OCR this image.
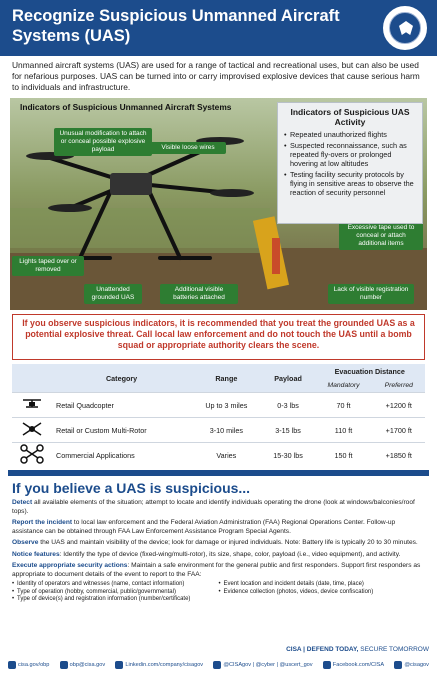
Recognize Suspicious Unmanned Aircraft Systems (UAS)

Unmanned aircraft systems (UAS) are used for a range of tactical and recreational uses, but can also be used for nefarious purposes. UAS can be turned into or carry improvised explosive devices that cause serious harm to individuals and infrastructure.

Indicators of Suspicious Unmanned Aircraft Systems
Unusual modification to attach or conceal possible explosive payload	Visible loose wires
Excessive tape used to conceal or attach additional items
Lights taped over or removed
Unattended grounded UAS
Additional visible batteries attached
Lack of visible registration number
Indicators of Suspicious UAS Activity
• Repeated unauthorized flights
• Suspected reconnaissance, such as repeated fly-overs or prolonged hovering at low altitudes
• Testing facility security protocols by flying in sensitive areas to observe the reaction of security personnel
If you observe suspicious indicators, it is recommended that you treat the grounded UAS as a potential explosive threat. Call local law enforcement and do not touch the UAS until a bomb squad or appropriate authority clears the scene.
	Category	Range	Payload	Evacuation Distance	
				Mandatory	Preferred
	Retail Quadcopter	Up to 3 miles	0-3 lbs	70 ft	+1200 ft
	Retail or Custom Multi-Rotor	3-10 miles	3-15 lbs	110 ft	+1700 ft
	Commercial Applications	Varies	15-30 lbs	150 ft	+1850 ft
If you believe a UAS is suspicious...

Detect all available elements of the situation; attempt to locate and identify individuals operating the drone (look at windows/balconies/roof tops).

Report the incident to local law enforcement and the Federal Aviation Administration (FAA) Regional Operations Center. Follow-up assistance can be obtained through FAA Law Enforcement Assistance Program Special Agents.

Observe the UAS and maintain visibility of the device; look for damage or injured individuals. Note: Battery life is typically 20 to 30 minutes.

Notice features: Identify the type of device (fixed-wing/multi-rotor), its size, shape, color, payload (i.e., video equipment), and activity.

Execute appropriate security actions: Maintain a safe environment for the general public and first responders. Support first responders as appropriate to document details of the event to report to the FAA:

• Identity of operators and witnesses (name, contact information)
• Type of operation (hobby, commercial, public/governmental)
• Type of device(s) and registration information (number/certificate)
• Event location and incident details (date, time, place)
• Evidence collection (photos, videos, device confiscation)
CISA | DEFEND TODAY, SECURE TOMORROW
cisa.gov/obp	obp@cisa.gov	Linkedin.com/company/cisagov	@CISAgov | @cyber | @uscert_gov	Facebook.com/CISA	@cisagov
